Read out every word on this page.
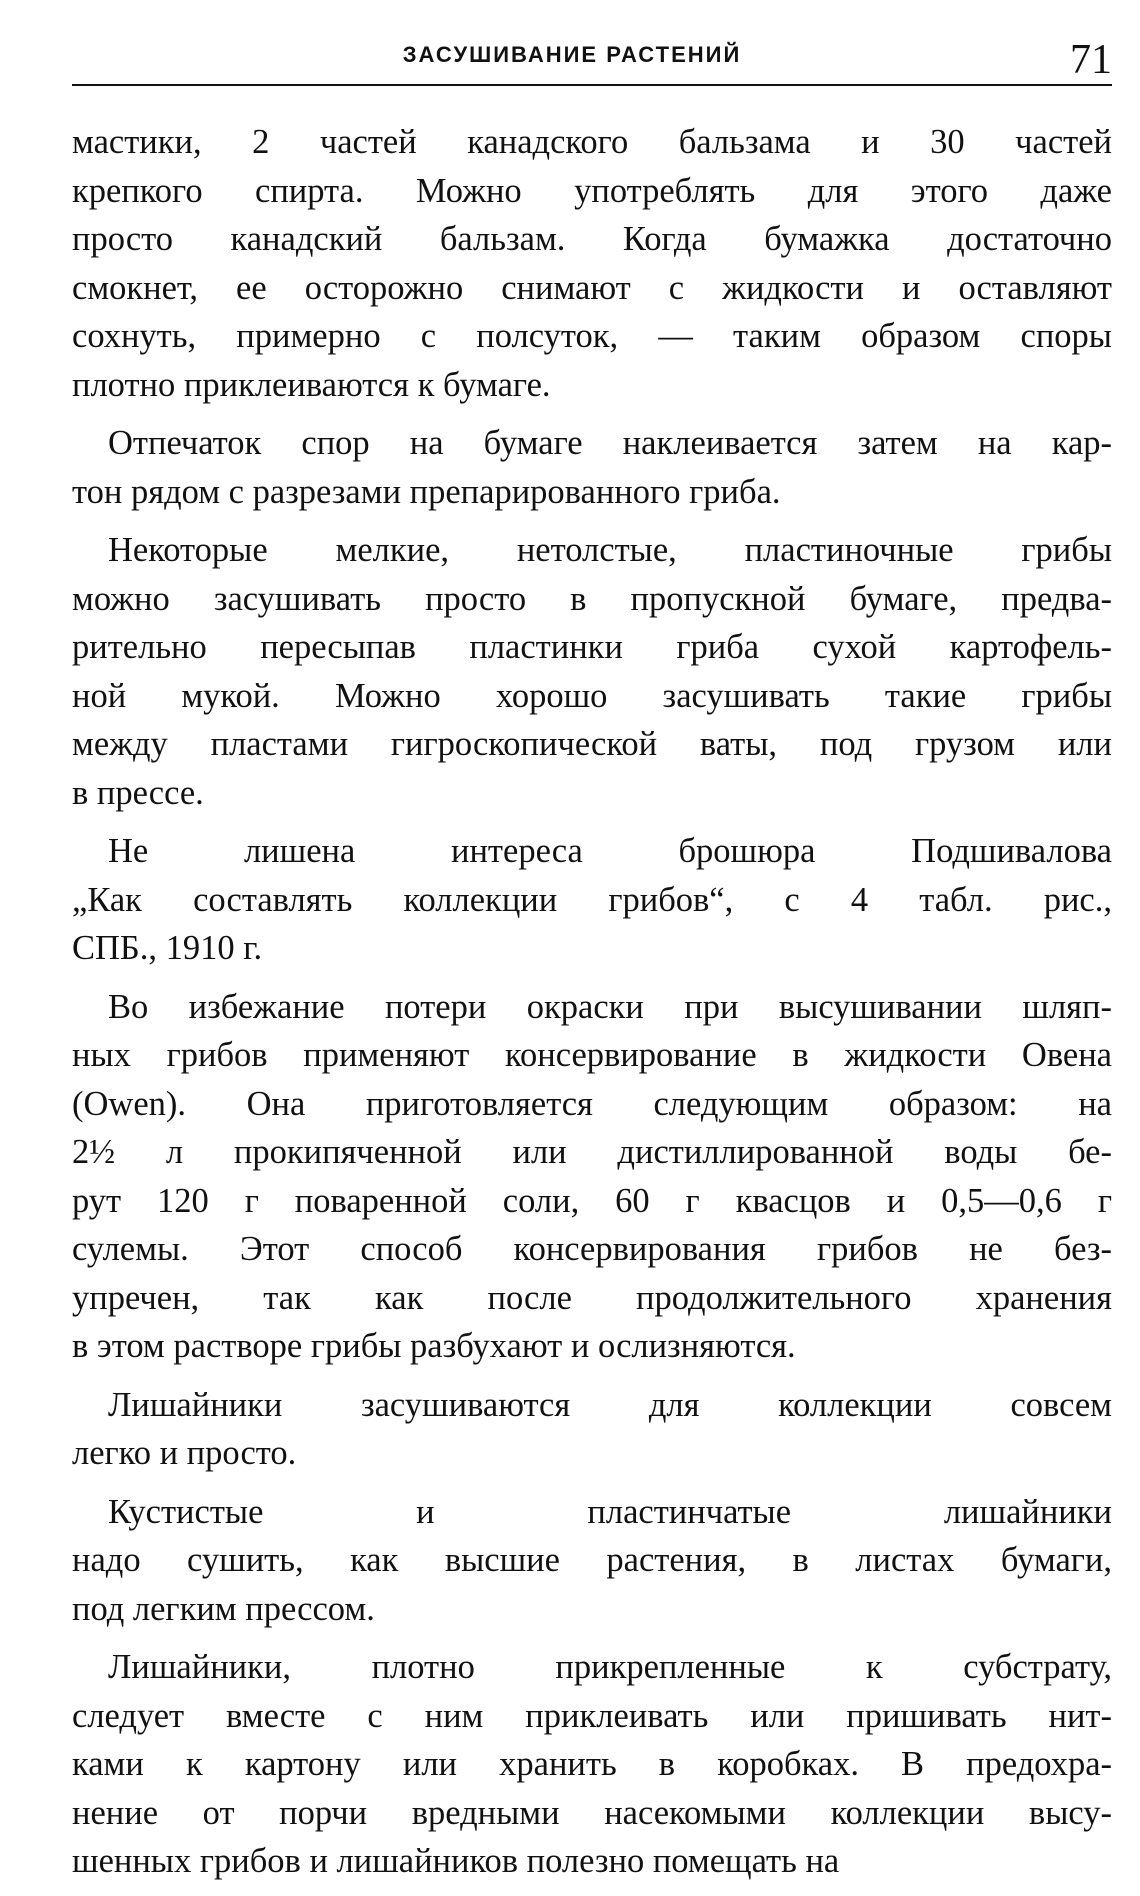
ЗАСУШИВАНИЕ РАСТЕНИЙ	71
мастики, 2 частей канадского бальзама и 30 частей
крепкого спирта. Можно употреблять для этого даже
просто канадский бальзам. Когда бумажка достаточно
смокнет, ее осторожно снимают с жидкости и оставляют
сохнуть, примерно с полсуток, — таким образом споры
плотно приклеиваются к бумаге.
Отпечаток спор на бумаге наклеивается затем на кар-
тон рядом с разрезами препарированного гриба.
Некоторые мелкие, нетолстые, пластиночные грибы
можно засушивать просто в пропускной бумаге, предва-
рительно пересыпав пластинки гриба сухой картофель-
ной мукой. Можно хорошо засушивать такие грибы
между пластами гигроскопической ваты, под грузом или
в прессе.
Не лишена интереса брошюра Подшивалова
„Как составлять коллекции грибов“, с 4 табл. рис.,
СПБ., 1910 г.
Во избежание потери окраски при высушивании шляп-
ных грибов применяют консервирование в жидкости Овена
(Owen). Она приготовляется следующим образом: на
2½ л прокипяченной или дистиллированной воды бе-
рут 120 г поваренной соли, 60 г квасцов и 0,5—0,6 г
сулемы. Этот способ консервирования грибов не без-
упречен, так как после продолжительного хранения
в этом растворе грибы разбухают и ослизняются.
Лишайники засушиваются для коллекции совсем
легко и просто.
Кустистые и пластинчатые лишайники
надо сушить, как высшие растения, в листах бумаги,
под легким прессом.
Лишайники, плотно прикрепленные к субстрату,
следует вместе с ним приклеивать или пришивать нит-
ками к картону или хранить в коробках. В предохра-
нение от порчи вредными насекомыми коллекции высу-
шенных грибов и лишайников полезно помещать на
